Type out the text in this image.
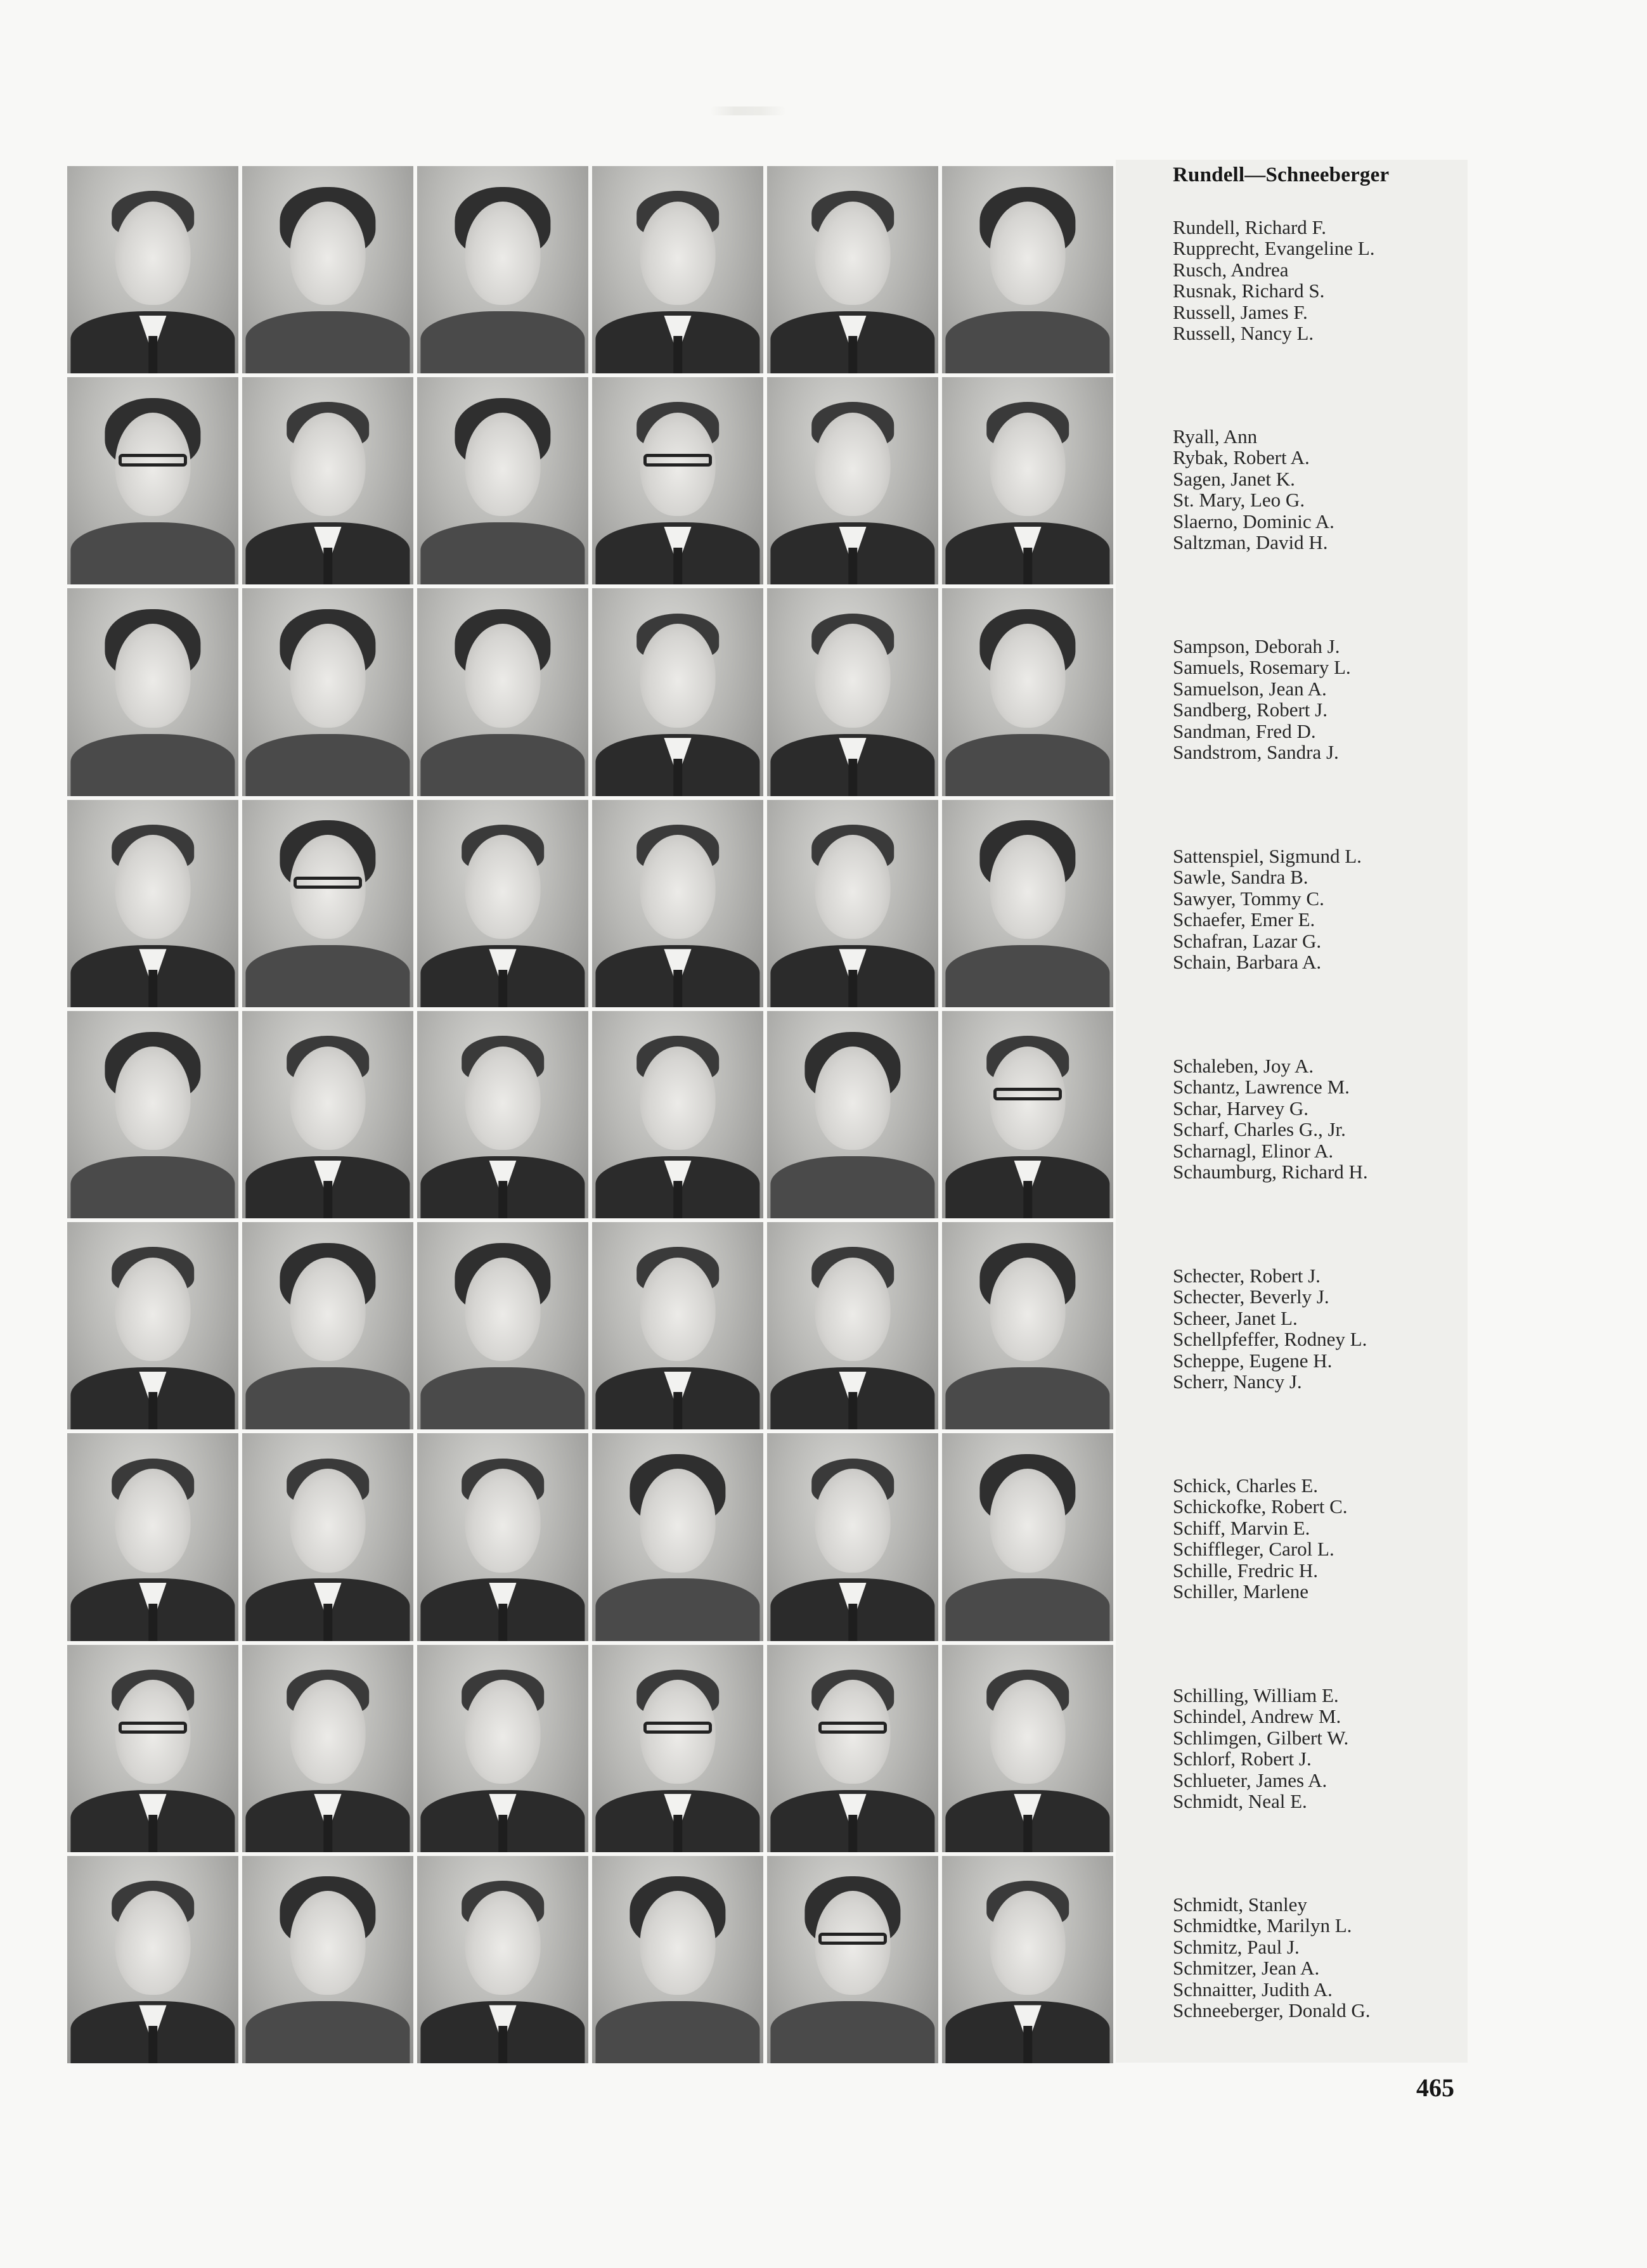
Rundell—Schneeberger
Rundell, Richard F.
Rupprecht, Evangeline L.
Rusch, Andrea
Rusnak, Richard S.
Russell, James F.
Russell, Nancy L.
Ryall, Ann
Rybak, Robert A.
Sagen, Janet K.
St. Mary, Leo G.
Slaerno, Dominic A.
Saltzman, David H.
Sampson, Deborah J.
Samuels, Rosemary L.
Samuelson, Jean A.
Sandberg, Robert J.
Sandman, Fred D.
Sandstrom, Sandra J.
Sattenspiel, Sigmund L.
Sawle, Sandra B.
Sawyer, Tommy C.
Schaefer, Emer E.
Schafran, Lazar G.
Schain, Barbara A.
Schaleben, Joy A.
Schantz, Lawrence M.
Schar, Harvey G.
Scharf, Charles G., Jr.
Scharnagl, Elinor A.
Schaumburg, Richard H.
Schecter, Robert J.
Schecter, Beverly J.
Scheer, Janet L.
Schellpfeffer, Rodney L.
Scheppe, Eugene H.
Scherr, Nancy J.
Schick, Charles E.
Schickofke, Robert C.
Schiff, Marvin E.
Schiffleger, Carol L.
Schille, Fredric H.
Schiller, Marlene
Schilling, William E.
Schindel, Andrew M.
Schlimgen, Gilbert W.
Schlorf, Robert J.
Schlueter, James A.
Schmidt, Neal E.
Schmidt, Stanley
Schmidtke, Marilyn L.
Schmitz, Paul J.
Schmitzer, Jean A.
Schnaitter, Judith A.
Schneeberger, Donald G.
465
